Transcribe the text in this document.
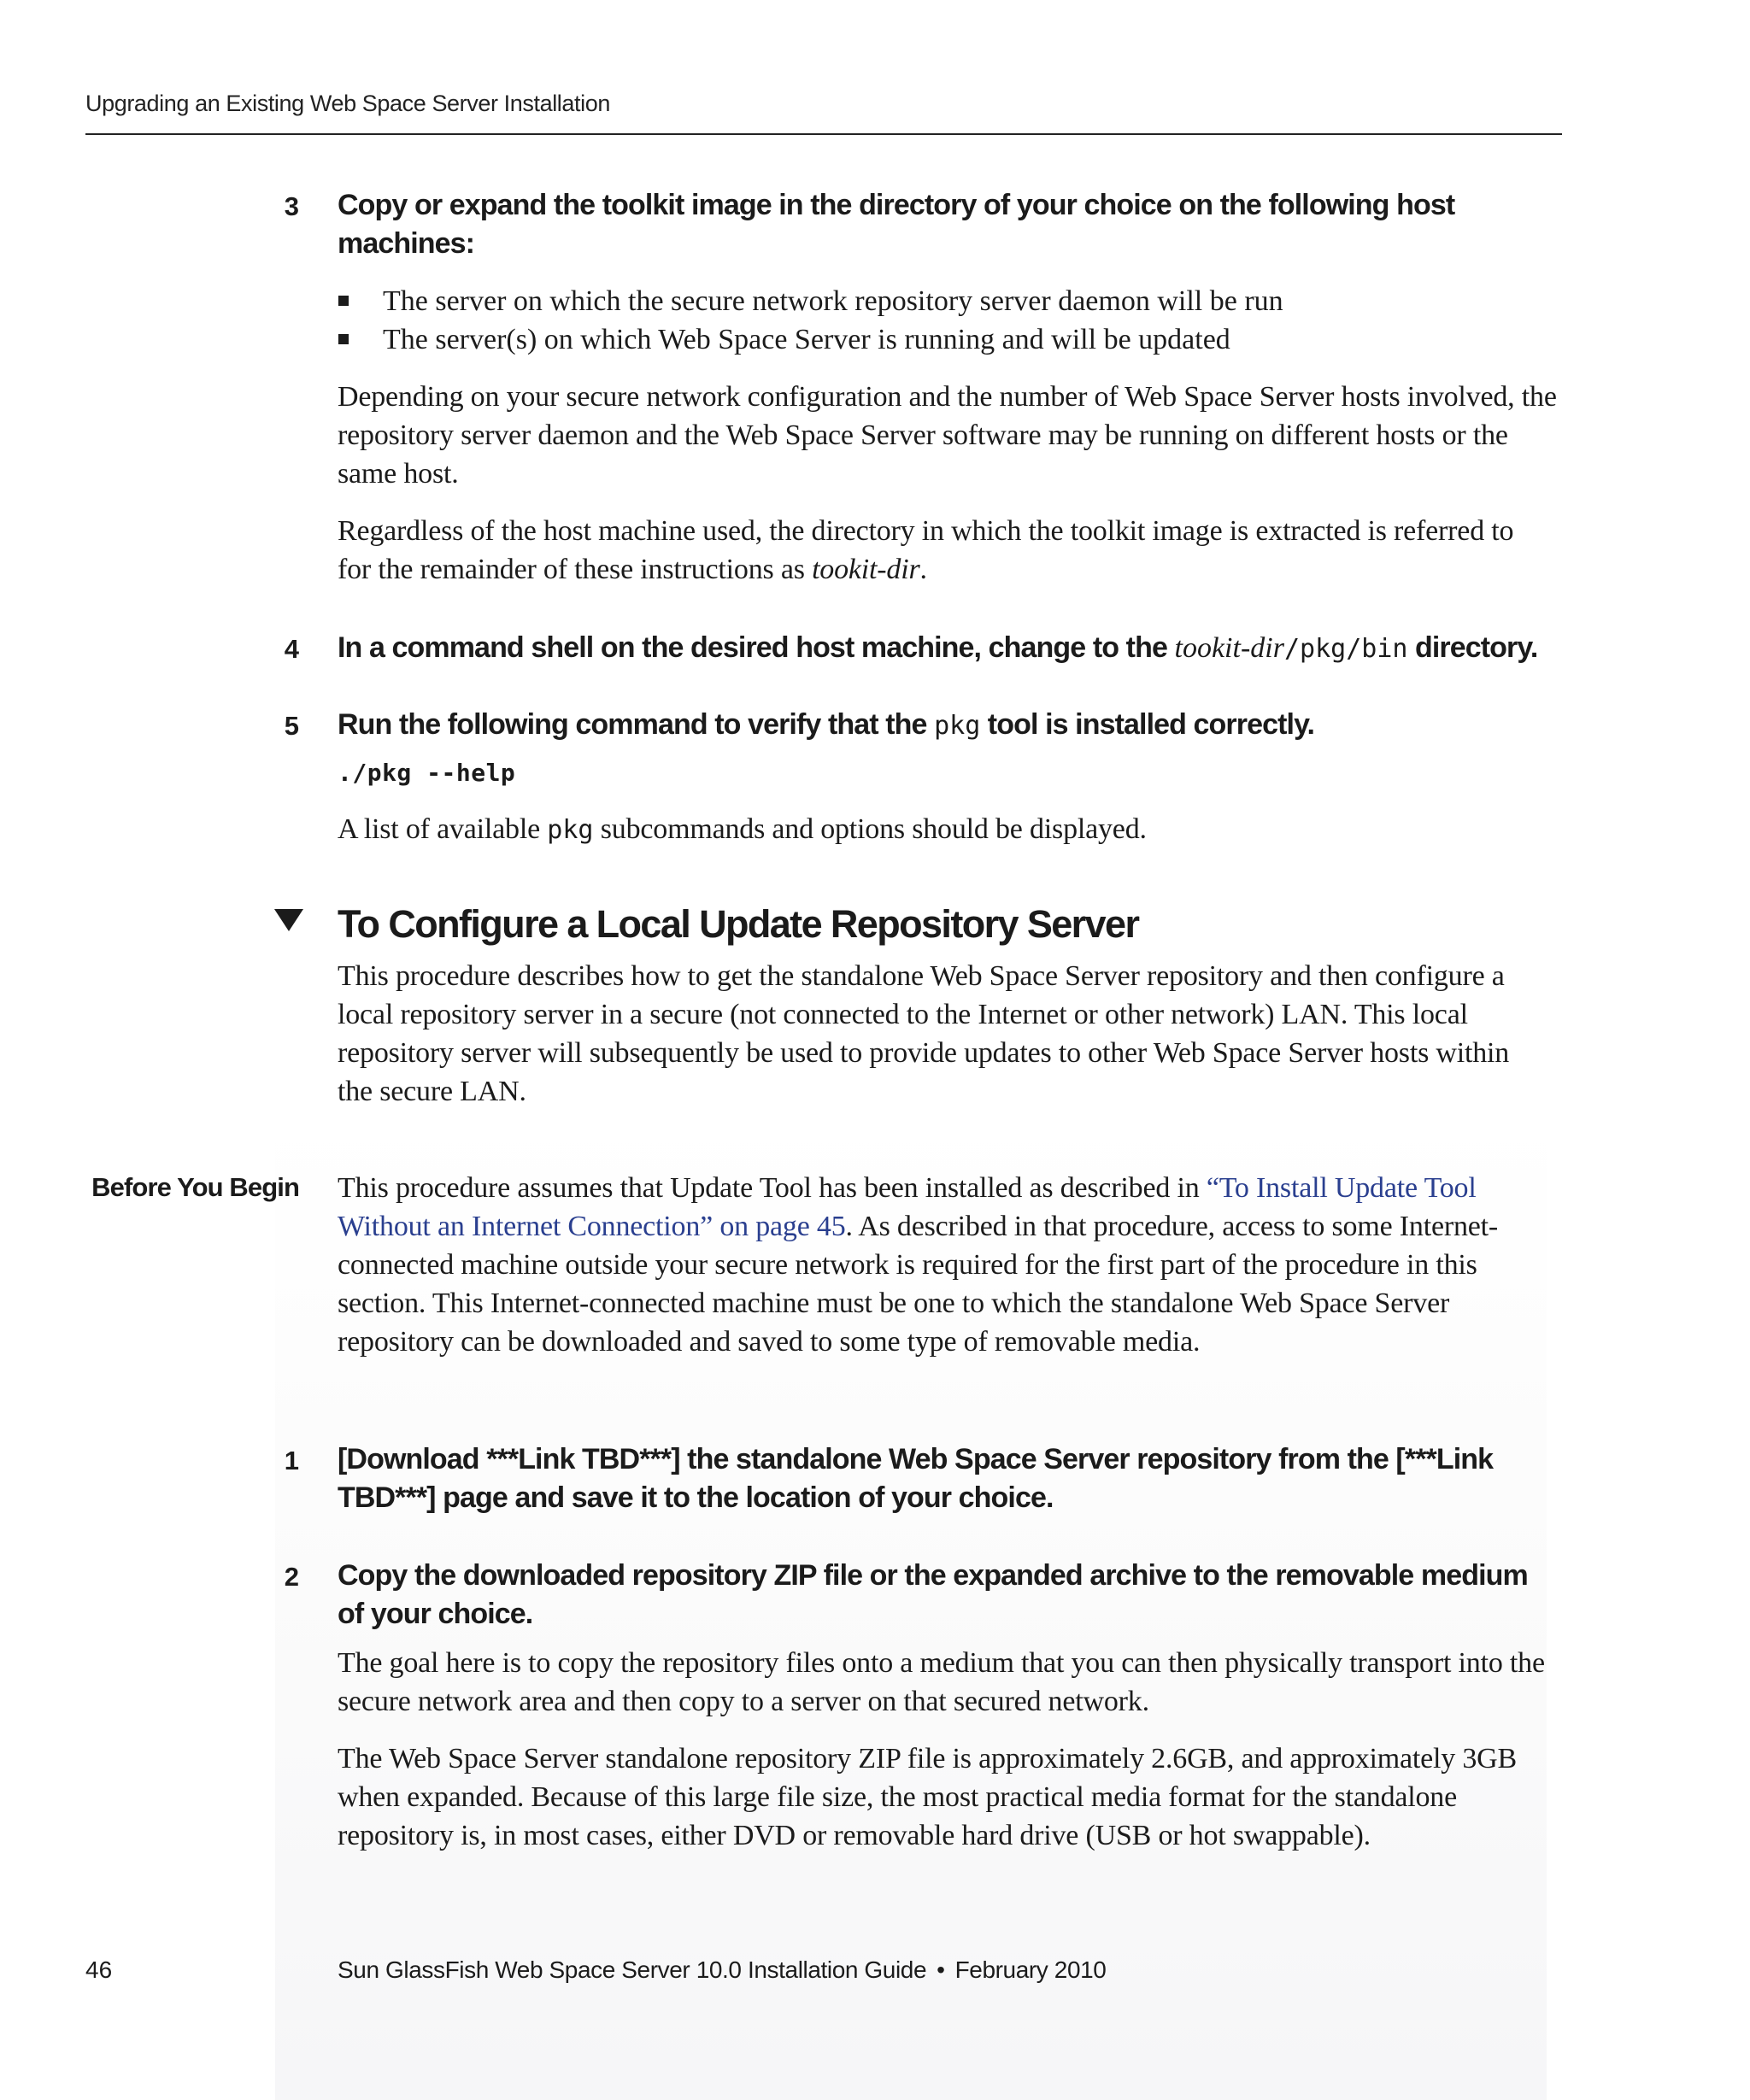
Upgrading an Existing Web Space Server Installation
3 Copy or expand the toolkit image in the directory of your choice on the following host machines:
The server on which the secure network repository server daemon will be run
The server(s) on which Web Space Server is running and will be updated

Depending on your secure network configuration and the number of Web Space Server hosts involved, the repository server daemon and the Web Space Server software may be running on different hosts or the same host.

Regardless of the host machine used, the directory in which the toolkit image is extracted is referred to for the remainder of these instructions as tookit-dir.

4 In a command shell on the desired host machine, change to the tookit-dir/pkg/bin directory.
5 Run the following command to verify that the pkg tool is installed correctly.
./pkg --help

A list of available pkg subcommands and options should be displayed.

To Configure a Local Update Repository Server

This procedure describes how to get the standalone Web Space Server repository and then configure a local repository server in a secure (not connected to the Internet or other network) LAN. This local repository server will subsequently be used to provide updates to other Web Space Server hosts within the secure LAN.

Before You Begin This procedure assumes that Update Tool has been installed as described in “To Install Update Tool Without an Internet Connection” on page 45. As described in that procedure, access to some Internet-connected machine outside your secure network is required for the first part of the procedure in this section. This Internet-connected machine must be one to which the standalone Web Space Server repository can be downloaded and saved to some type of removable media.

1 [Download ***Link TBD***] the standalone Web Space Server repository from the [***Link TBD***] page and save it to the location of your choice.
2 Copy the downloaded repository ZIP file or the expanded archive to the removable medium of your choice.

The goal here is to copy the repository files onto a medium that you can then physically transport into the secure network area and then copy to a server on that secured network.

The Web Space Server standalone repository ZIP file is approximately 2.6GB, and approximately 3GB when expanded. Because of this large file size, the most practical media format for the standalone repository is, in most cases, either DVD or removable hard drive (USB or hot swappable).

46	Sun GlassFish Web Space Server 10.0 Installation Guide • February 2010
